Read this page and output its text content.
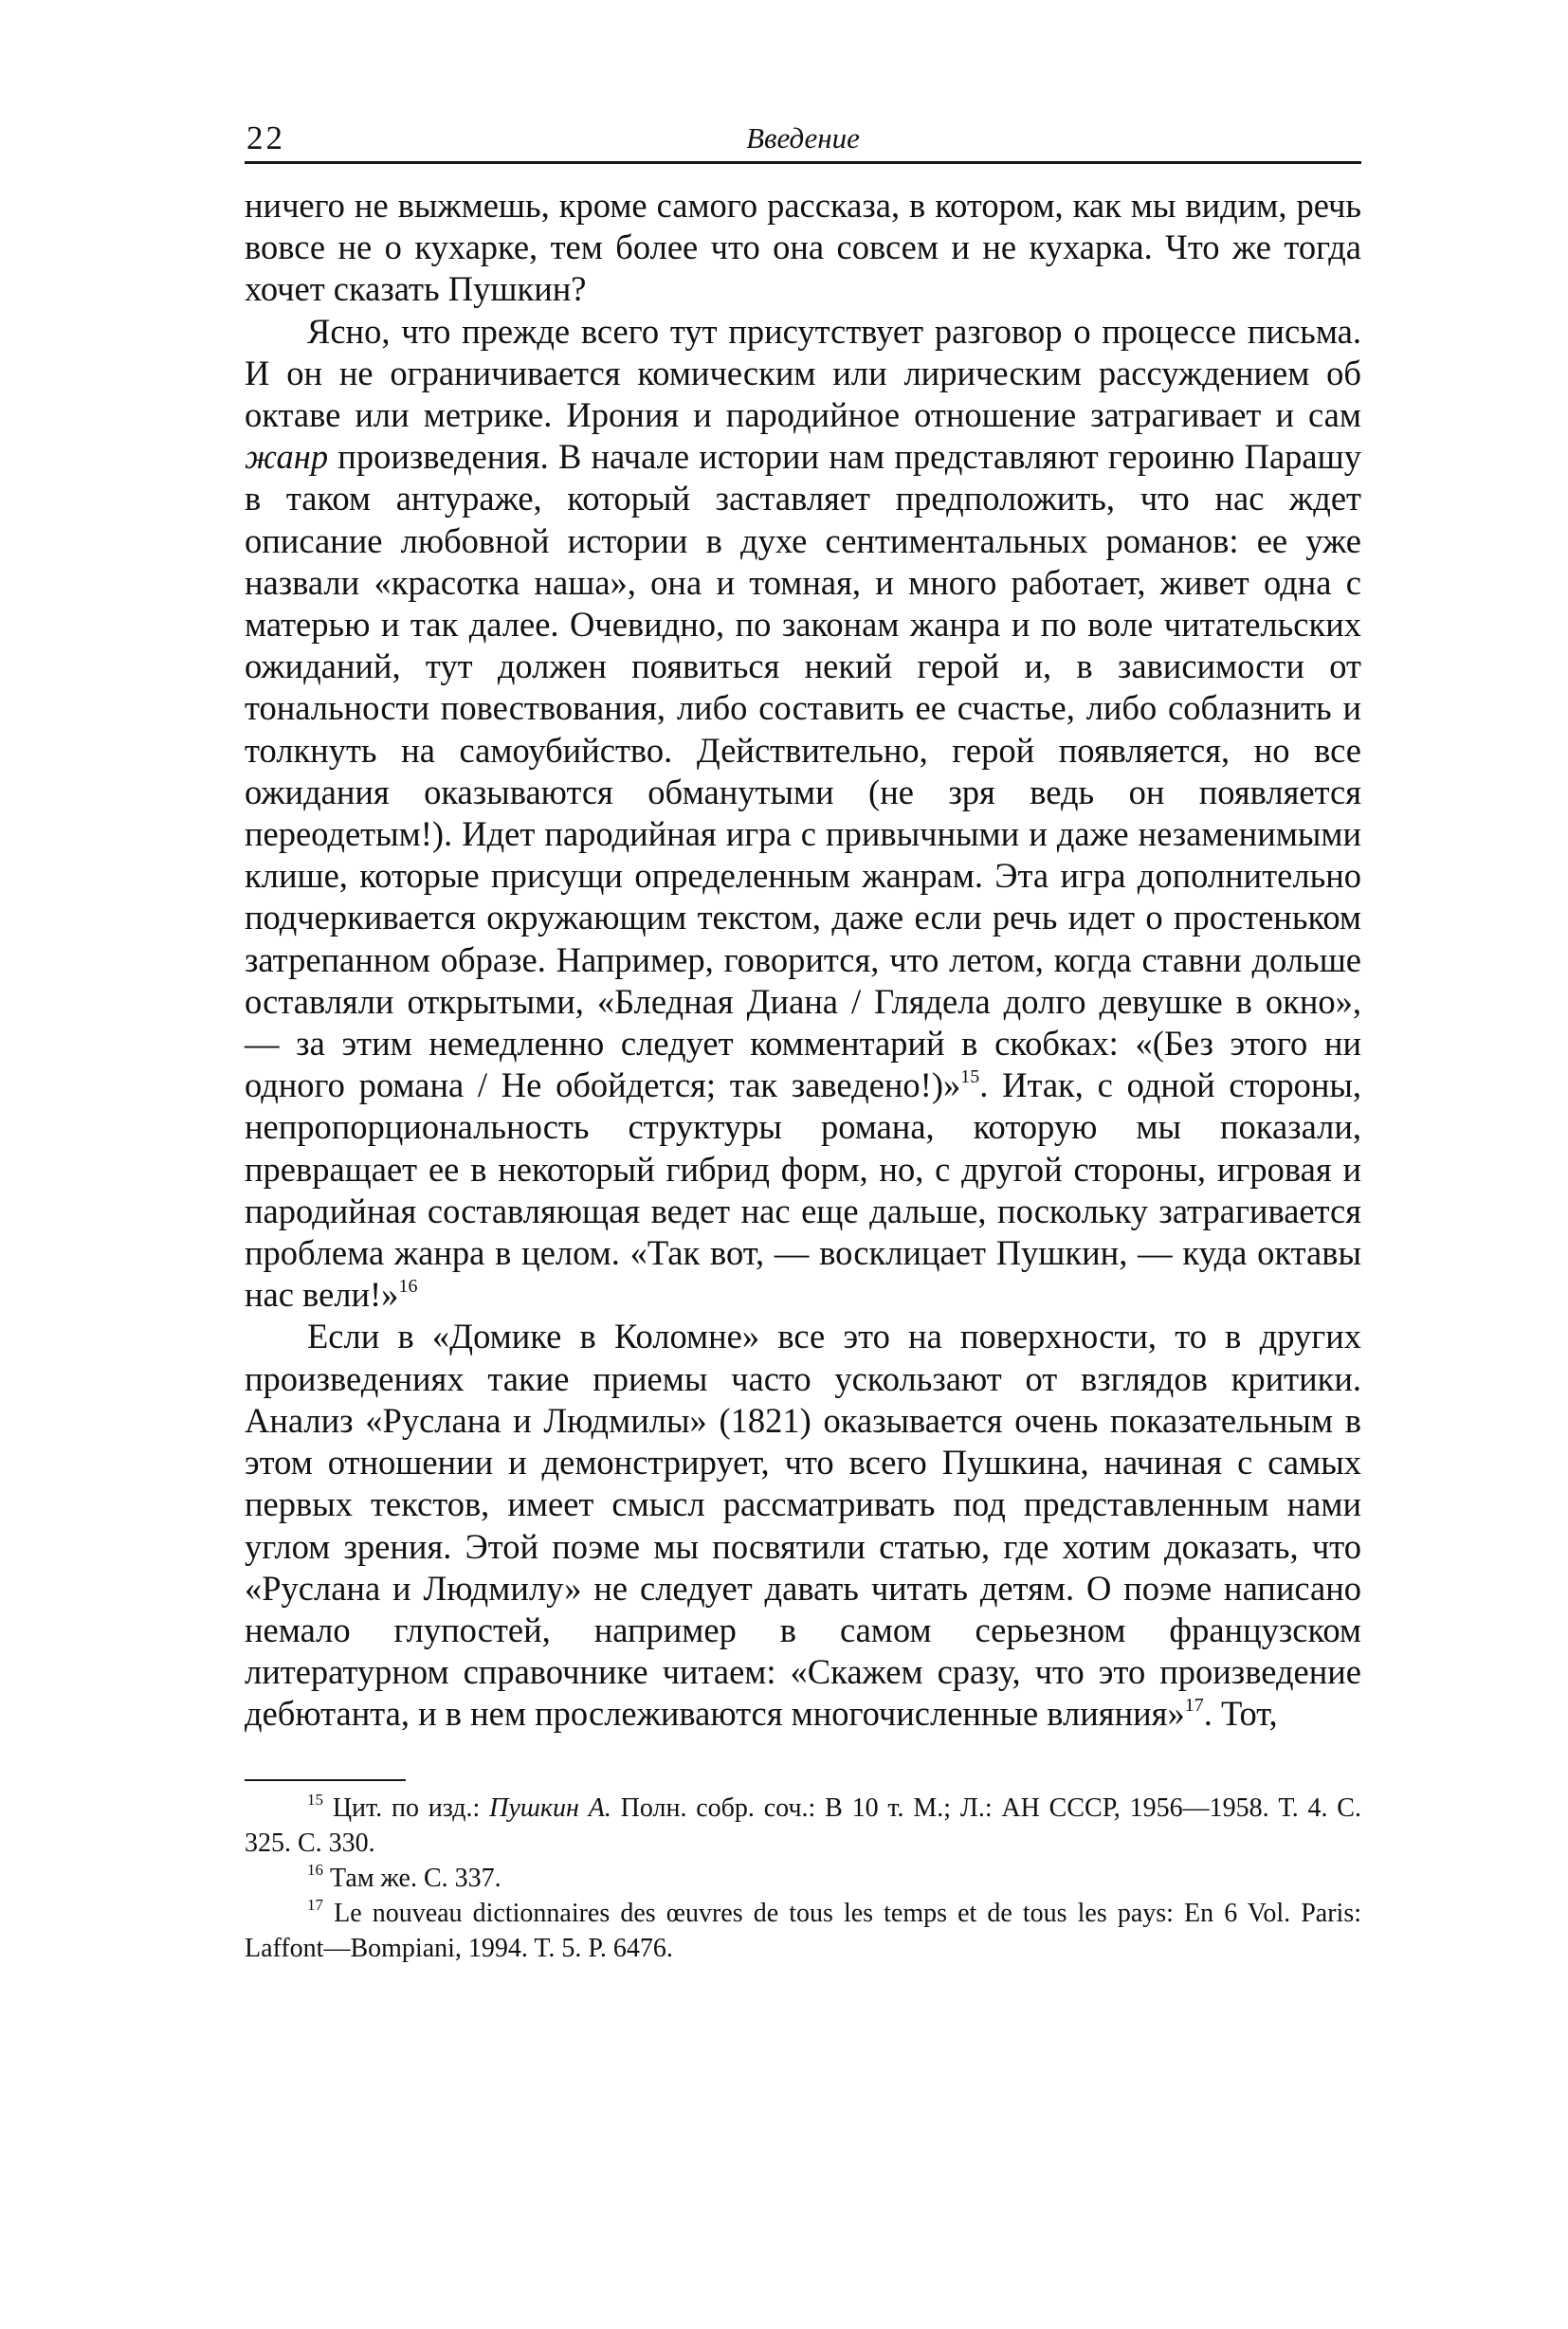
22	Введение

ничего не выжмешь, кроме самого рассказа, в котором, как мы видим, речь вовсе не о кухарке, тем более что она совсем и не кухарка. Что же тогда хочет сказать Пушкин?

Ясно, что прежде всего тут присутствует разговор о процессе письма. И он не ограничивается комическим или лирическим рассуждением об октаве или метрике. Ирония и пародийное отношение затрагивает и сам жанр произведения. В начале истории нам представляют героиню Парашу в таком антураже, который заставляет предположить, что нас ждет описание любовной истории в духе сентиментальных романов: ее уже назвали «красотка наша», она и томная, и много работает, живет одна с матерью и так далее. Очевидно, по законам жанра и по воле читательских ожиданий, тут должен появиться некий герой и, в зависимости от тональности повествования, либо составить ее счастье, либо соблазнить и толкнуть на самоубийство. Действительно, герой появляется, но все ожидания оказываются обманутыми (не зря ведь он появляется переодетым!). Идет пародийная игра с привычными и даже незаменимыми клише, которые присущи определенным жанрам. Эта игра дополнительно подчеркивается окружающим текстом, даже если речь идет о простеньком затрепанном образе. Например, говорится, что летом, когда ставни дольше оставляли открытыми, «Бледная Диана / Глядела долго девушке в окно», — за этим немедленно следует комментарий в скобках: «(Без этого ни одного романа / Не обойдется; так заведено!)»$^{15}$. Итак, с одной стороны, непропорциональность структуры романа, которую мы показали, превращает ее в некоторый гибрид форм, но, с другой стороны, игровая и пародийная составляющая ведет нас еще дальше, поскольку затрагивается проблема жанра в целом. «Так вот, — восклицает Пушкин, — куда октавы нас вели!»$^{16}$

Если в «Домике в Коломне» все это на поверхности, то в других произведениях такие приемы часто ускользают от взглядов критики. Анализ «Руслана и Людмилы» (1821) оказывается очень показательным в этом отношении и демонстрирует, что всего Пушкина, начиная с самых первых текстов, имеет смысл рассматривать под представленным нами углом зрения. Этой поэме мы посвятили статью, где хотим доказать, что «Руслана и Людмилу» не следует давать читать детям. О поэме написано немало глупостей, например в самом серьезном французском литературном справочнике читаем: «Скажем сразу, что это произведение дебютанта, и в нем прослеживаются многочисленные влияния»$^{17}$. Тот,

$^{15}$ Цит. по изд.: Пушкин А. Полн. собр. соч.: В 10 т. М.; Л.: АН СССР, 1956—1958. Т. 4. С. 325. С. 330.

$^{16}$ Там же. С. 337.

$^{17}$ Le nouveau dictionnaires des œuvres de tous les temps et de tous les pays: En 6 Vol. Paris: Laffont—Bompiani, 1994. T. 5. P. 6476.
